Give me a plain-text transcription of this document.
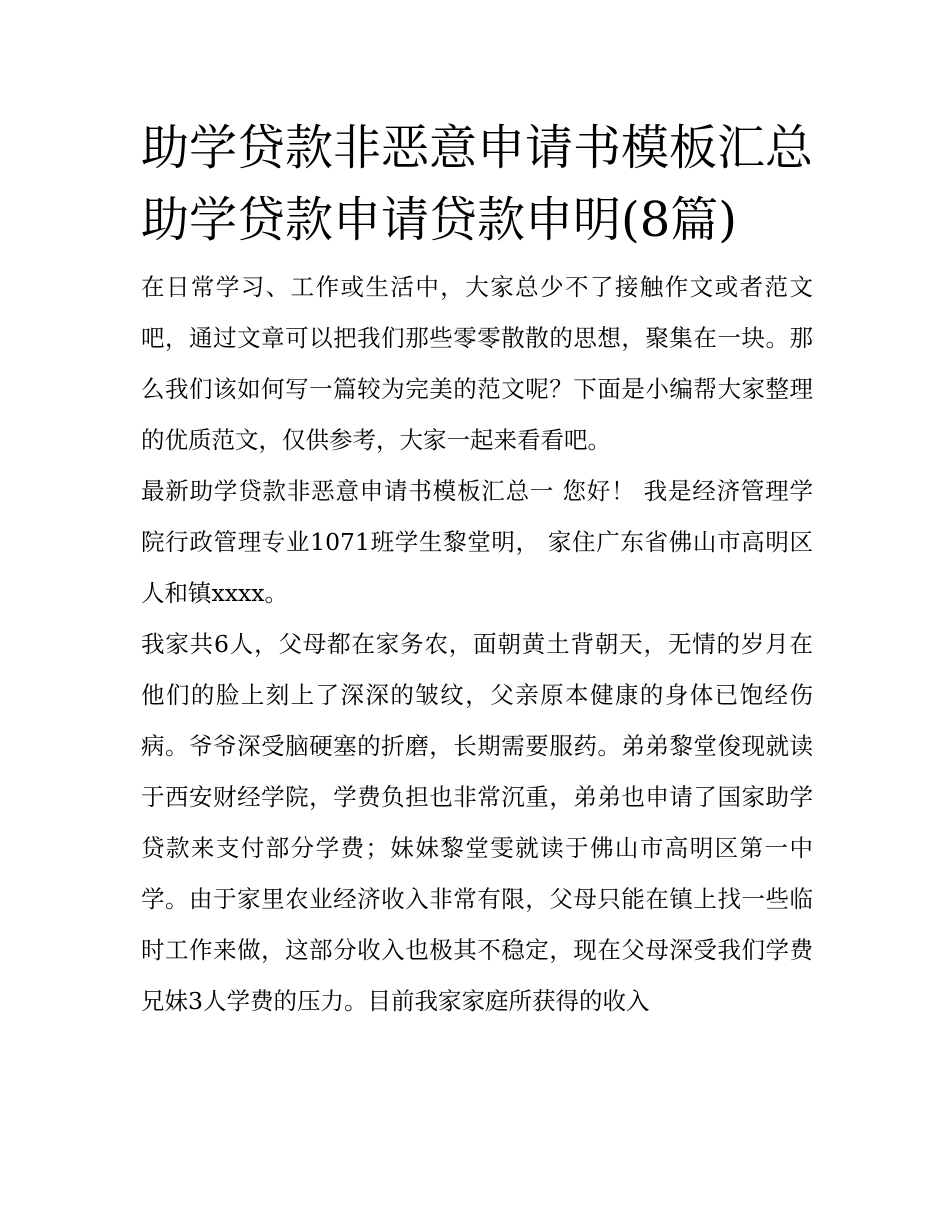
助学贷款非恶意申请书模板汇总 助学贷款申请贷款申明(8篇)

在日常学习、工作或生活中，大家总少不了接触作文或者范文吧，通过文章可以把我们那些零零散散的思想，聚集在一块。那么我们该如何写一篇较为完美的范文呢？下面是小编帮大家整理的优质范文，仅供参考，大家一起来看看吧。

最新助学贷款非恶意申请书模板汇总一 您好！ 我是经济管理学院行政管理专业1071班学生黎堂明， 家住广东省佛山市高明区人和镇xxxx。

我家共6人，父母都在家务农，面朝黄土背朝天，无情的岁月在他们的脸上刻上了深深的皱纹，父亲原本健康的身体已饱经伤病。爷爷深受脑硬塞的折磨，长期需要服药。弟弟黎堂俊现就读于西安财经学院，学费负担也非常沉重，弟弟也申请了国家助学贷款来支付部分学费；妹妹黎堂雯就读于佛山市高明区第一中学。由于家里农业经济收入非常有限，父母只能在镇上找一些临时工作来做，这部分收入也极其不稳定，现在父母深受我们学费兄妹3人学费的压力。目前我家家庭所获得的收入
